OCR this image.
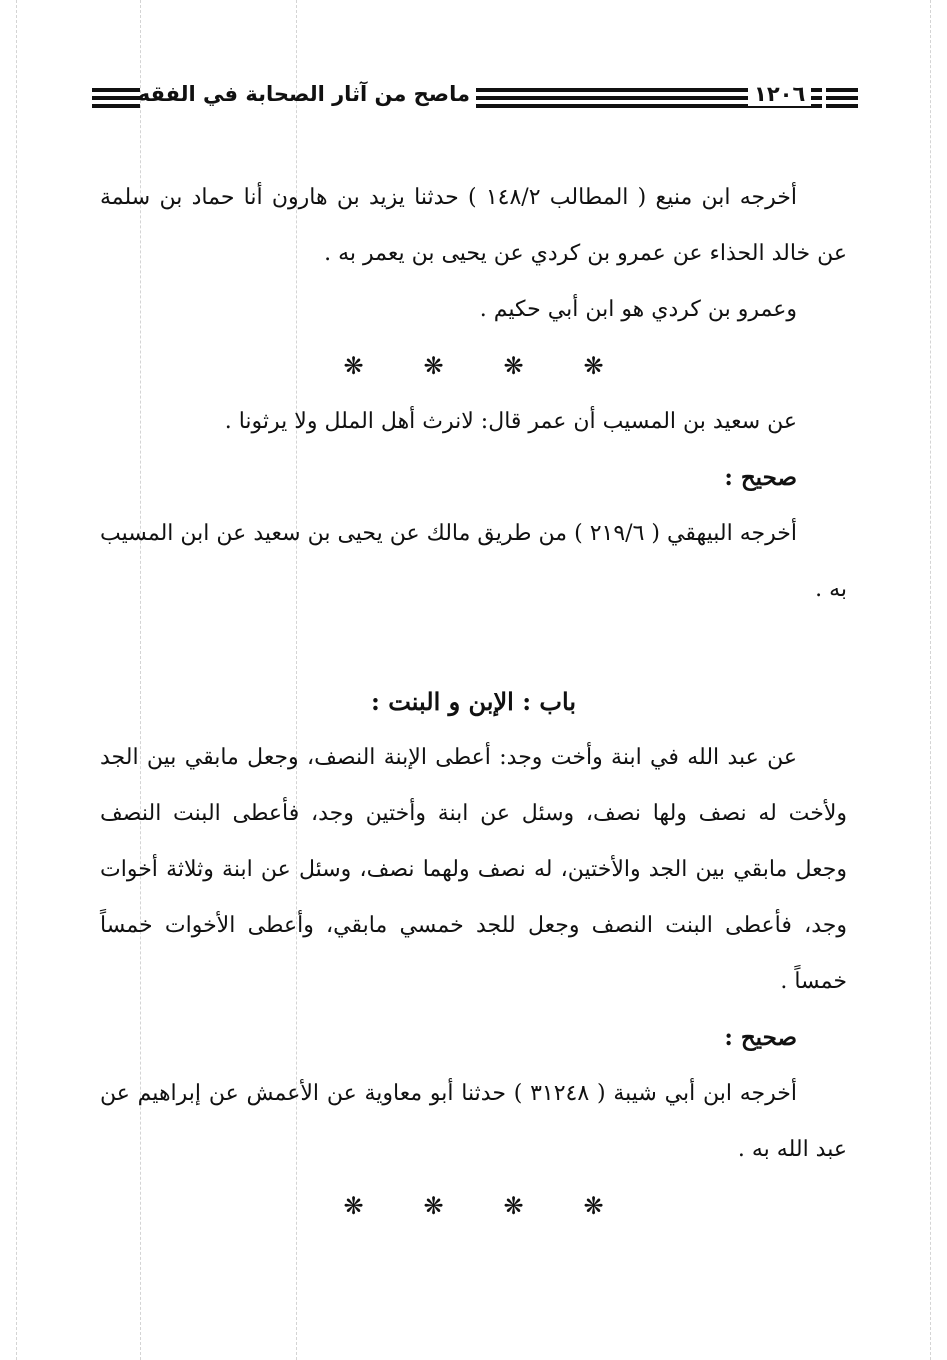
ماصح من آثار الصحابة في الفقه	١٢٠٦

أخرجه ابن منيع ( المطالب ١٤٨/٢ ) حدثنا يزيد بن هارون أنا حماد بن سلمة عن خالد الحذاء عن عمرو بن كردي عن يحيى بن يعمر به .

وعمرو بن كردي هو ابن أبي حكيم .

❋ ❋ ❋ ❋

عن سعيد بن المسيب أن عمر قال: لانرث أهل الملل ولا يرثونا .

صحيح :

أخرجه البيهقي ( ٢١٩/٦ ) من طريق مالك عن يحيى بن سعيد عن ابن المسيب به .

باب : الإبن و البنت :

عن عبد الله في ابنة وأخت وجد: أعطى الإبنة النصف، وجعل مابقي بين الجد ولأخت له نصف ولها نصف، وسئل عن ابنة وأختين وجد، فأعطى البنت النصف وجعل مابقي بين الجد والأختين، له نصف ولهما نصف، وسئل عن ابنة وثلاثة أخوات وجد، فأعطى البنت النصف وجعل للجد خمسي مابقي، وأعطى الأخوات خمساً خمساً .

صحيح :

أخرجه ابن أبي شيبة ( ٣١٢٤٨ ) حدثنا أبو معاوية عن الأعمش عن إبراهيم عن عبد الله به .

❋ ❋ ❋ ❋
